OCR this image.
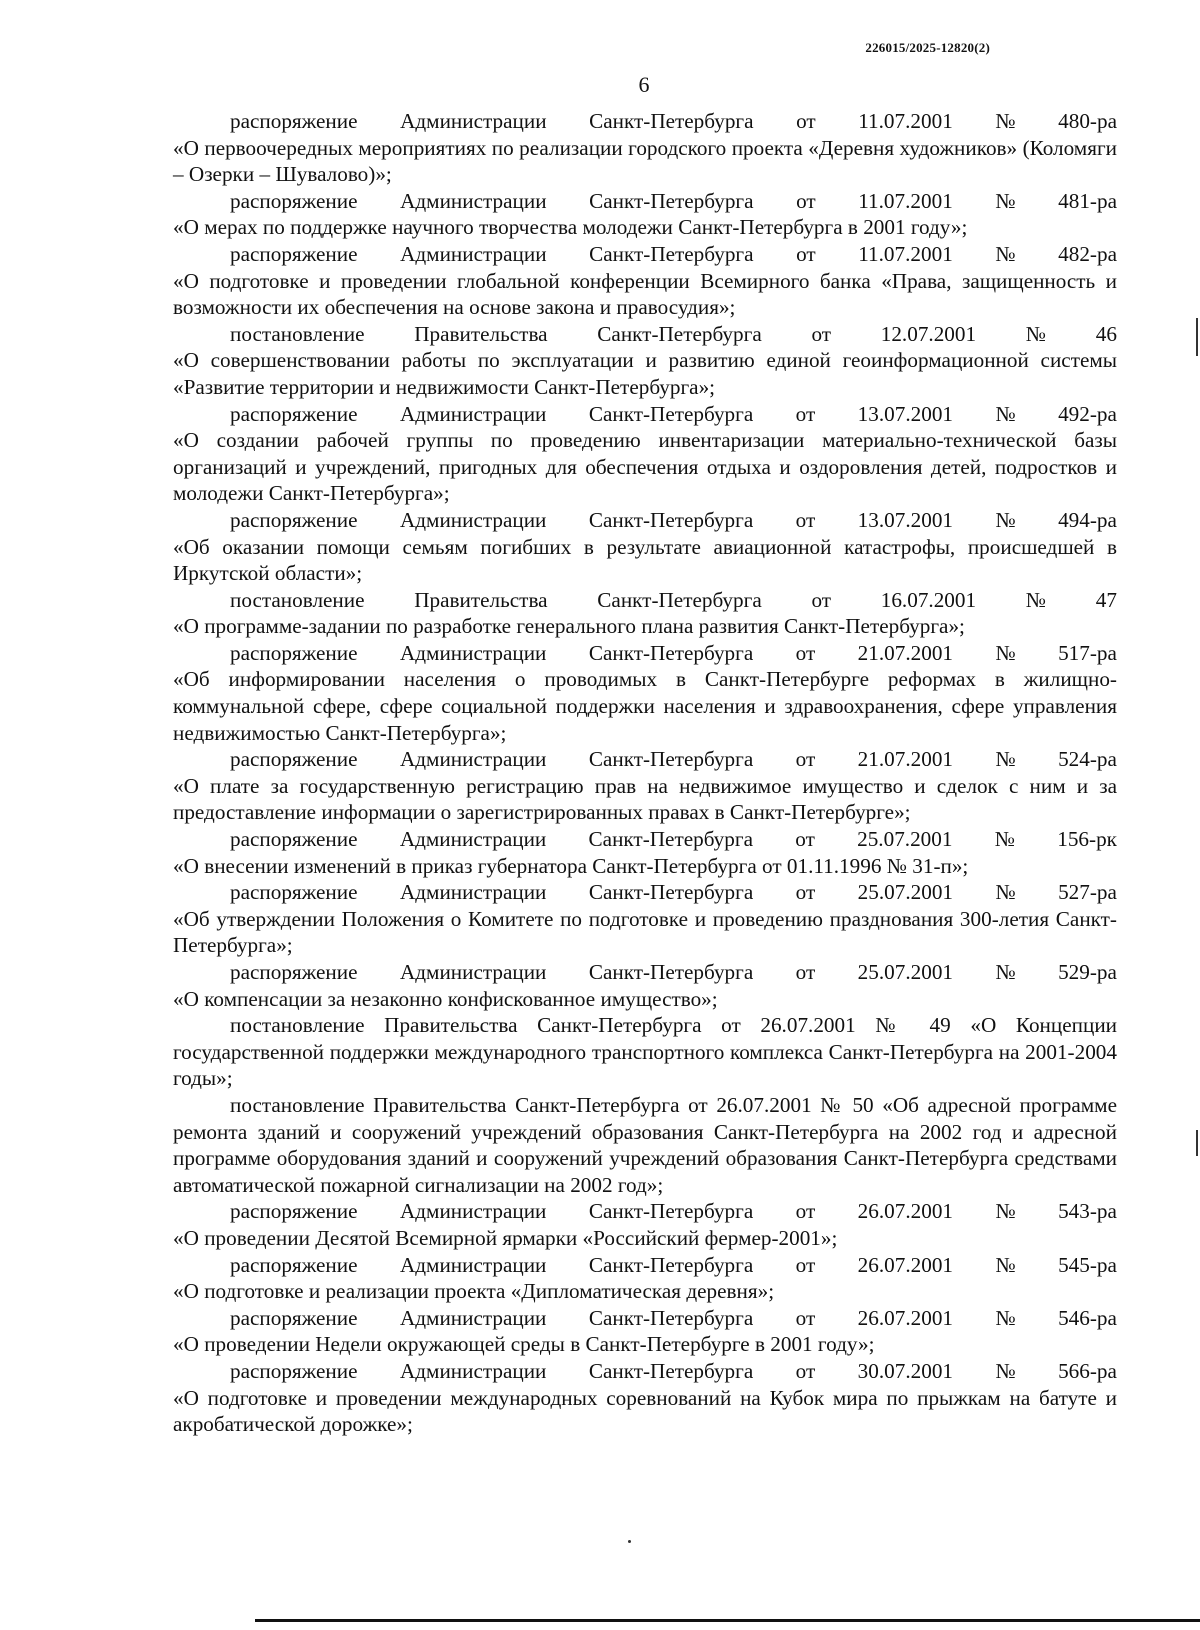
226015/2025-12820(2)
6
распоряжение Администрации Санкт-Петербурга от 11.07.2001 № 480-ра
«О первоочередных мероприятиях по реализации городского проекта «Деревня художников» (Коломяги – Озерки – Шувалово)»;
распоряжение Администрации Санкт-Петербурга от 11.07.2001 № 481-ра
«О мерах по поддержке научного творчества молодежи Санкт-Петербурга в 2001 году»;
распоряжение Администрации Санкт-Петербурга от 11.07.2001 № 482-ра
«О подготовке и проведении глобальной конференции Всемирного банка «Права, защищенность и возможности их обеспечения на основе закона и правосудия»;
постановление Правительства Санкт-Петербурга от 12.07.2001 № 46
«О совершенствовании работы по эксплуатации и развитию единой геоинформационной системы «Развитие территории и недвижимости Санкт-Петербурга»;
распоряжение Администрации Санкт-Петербурга от 13.07.2001 № 492-ра
«О создании рабочей группы по проведению инвентаризации материально-технической базы организаций и учреждений, пригодных для обеспечения отдыха и оздоровления детей, подростков и молодежи Санкт-Петербурга»;
распоряжение Администрации Санкт-Петербурга от 13.07.2001 № 494-ра
«Об оказании помощи семьям погибших в результате авиационной катастрофы, происшедшей в Иркутской области»;
постановление Правительства Санкт-Петербурга от 16.07.2001 № 47
«О программе-задании по разработке генерального плана развития Санкт-Петербурга»;
распоряжение Администрации Санкт-Петербурга от 21.07.2001 № 517-ра
«Об информировании населения о проводимых в Санкт-Петербурге реформах в жилищно-коммунальной сфере, сфере социальной поддержки населения и здравоохранения, сфере управления недвижимостью Санкт-Петербурга»;
распоряжение Администрации Санкт-Петербурга от 21.07.2001 № 524-ра
«О плате за государственную регистрацию прав на недвижимое имущество и сделок с ним и за предоставление информации о зарегистрированных правах в Санкт-Петербурге»;
распоряжение Администрации Санкт-Петербурга от 25.07.2001 № 156-рк
«О внесении изменений в приказ губернатора Санкт-Петербурга от 01.11.1996 № 31-п»;
распоряжение Администрации Санкт-Петербурга от 25.07.2001 № 527-ра
«Об утверждении Положения о Комитете по подготовке и проведению празднования 300-летия Санкт-Петербурга»;
распоряжение Администрации Санкт-Петербурга от 25.07.2001 № 529-ра
«О компенсации за незаконно конфискованное имущество»;
постановление Правительства Санкт-Петербурга от 26.07.2001 № 49 «О Концепции государственной поддержки международного транспортного комплекса Санкт-Петербурга на 2001-2004 годы»;
постановление Правительства Санкт-Петербурга от 26.07.2001 № 50 «Об адресной программе ремонта зданий и сооружений учреждений образования Санкт-Петербурга на 2002 год и адресной программе оборудования зданий и сооружений учреждений образования Санкт-Петербурга средствами автоматической пожарной сигнализации на 2002 год»;
распоряжение Администрации Санкт-Петербурга от 26.07.2001 № 543-ра
«О проведении Десятой Всемирной ярмарки «Российский фермер-2001»;
распоряжение Администрации Санкт-Петербурга от 26.07.2001 № 545-ра
«О подготовке и реализации проекта «Дипломатическая деревня»;
распоряжение Администрации Санкт-Петербурга от 26.07.2001 № 546-ра
«О проведении Недели окружающей среды в Санкт-Петербурге в 2001 году»;
распоряжение Администрации Санкт-Петербурга от 30.07.2001 № 566-ра
«О подготовке и проведении международных соревнований на Кубок мира по прыжкам на батуте и акробатической дорожке»;
